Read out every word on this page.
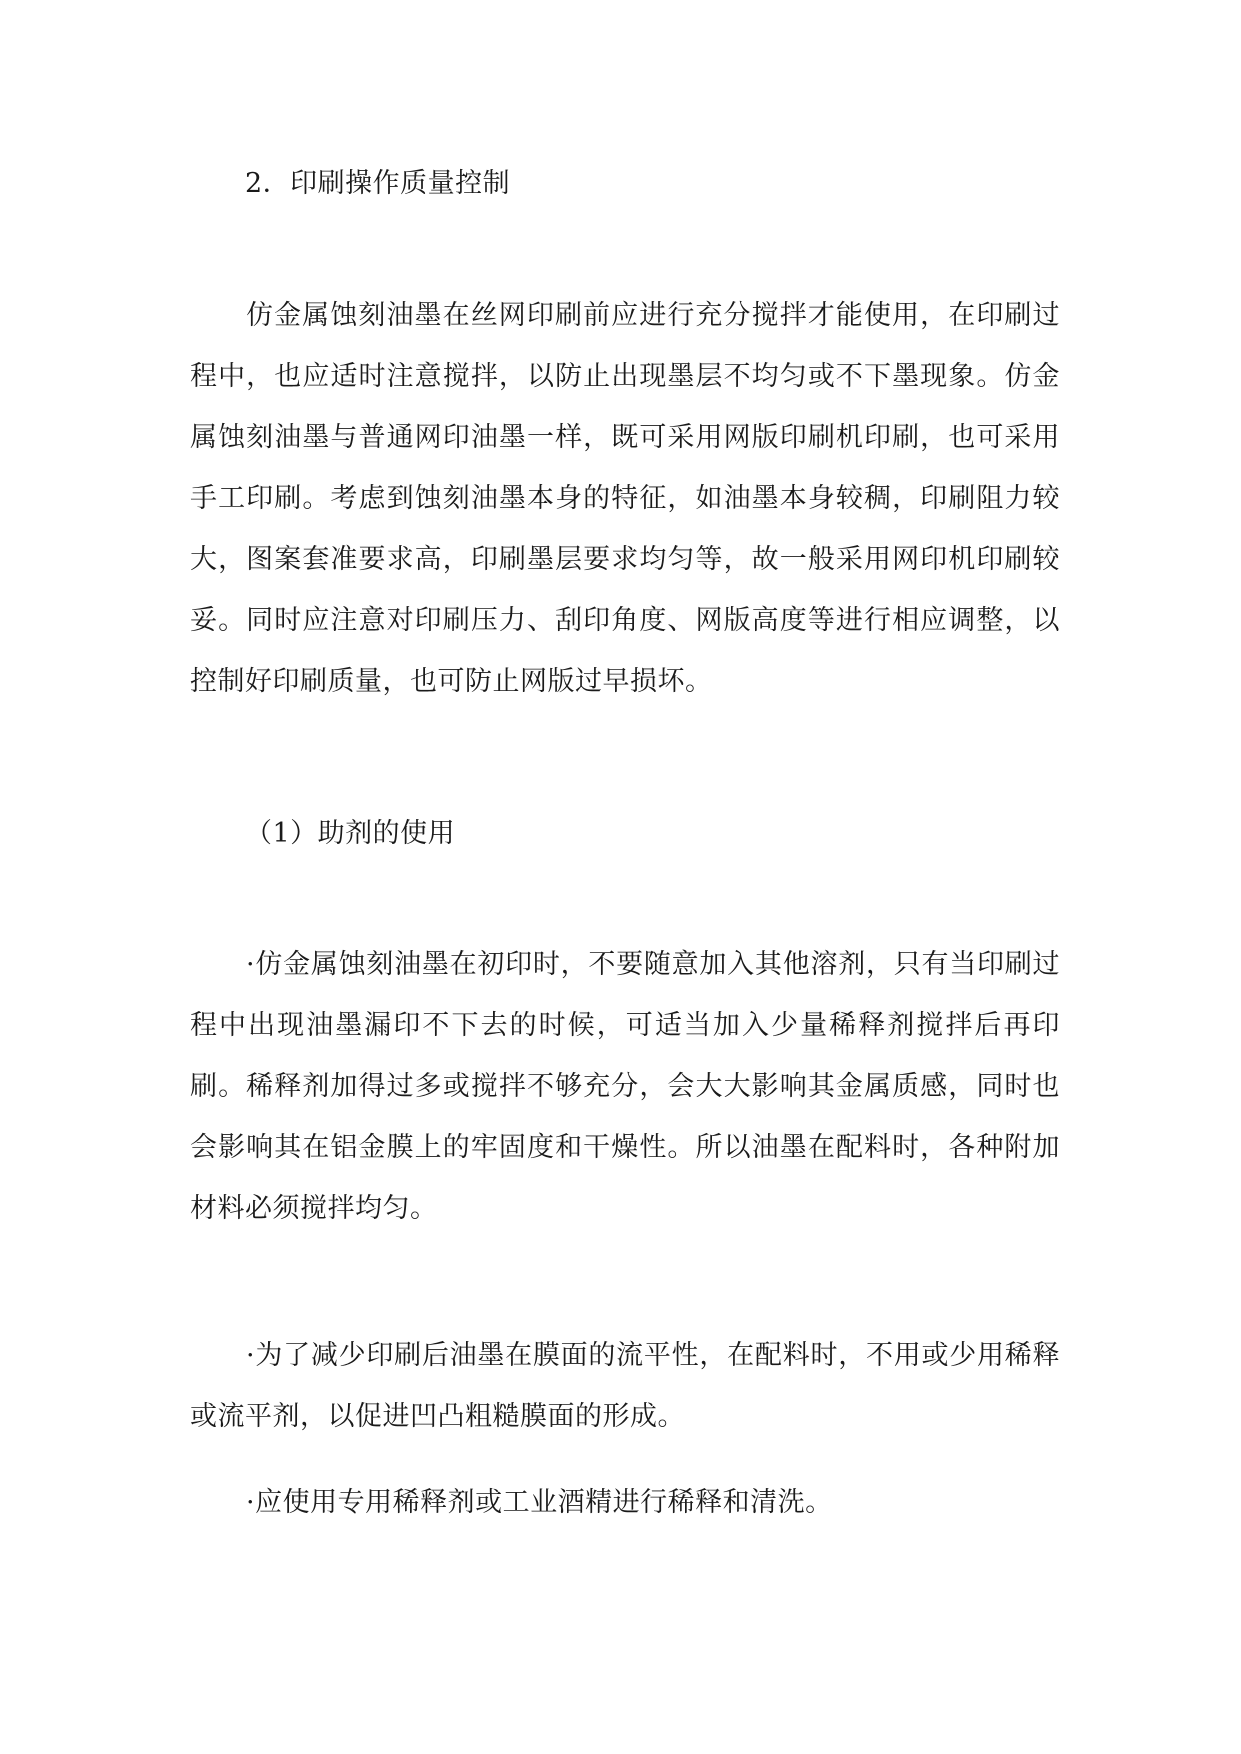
2．印刷操作质量控制

仿金属蚀刻油墨在丝网印刷前应进行充分搅拌才能使用，在印刷过程中，也应适时注意搅拌，以防止出现墨层不均匀或不下墨现象。仿金属蚀刻油墨与普通网印油墨一样，既可采用网版印刷机印刷，也可采用手工印刷。考虑到蚀刻油墨本身的特征，如油墨本身较稠，印刷阻力较大，图案套准要求高，印刷墨层要求均匀等，故一般采用网印机印刷较妥。同时应注意对印刷压力、刮印角度、网版高度等进行相应调整，以控制好印刷质量，也可防止网版过早损坏。

（1）助剂的使用

·仿金属蚀刻油墨在初印时，不要随意加入其他溶剂，只有当印刷过程中出现油墨漏印不下去的时候，可适当加入少量稀释剂搅拌后再印刷。稀释剂加得过多或搅拌不够充分，会大大影响其金属质感，同时也会影响其在铝金膜上的牢固度和干燥性。所以油墨在配料时，各种附加材料必须搅拌均匀。

·为了减少印刷后油墨在膜面的流平性，在配料时，不用或少用稀释或流平剂，以促进凹凸粗糙膜面的形成。

·应使用专用稀释剂或工业酒精进行稀释和清洗。
